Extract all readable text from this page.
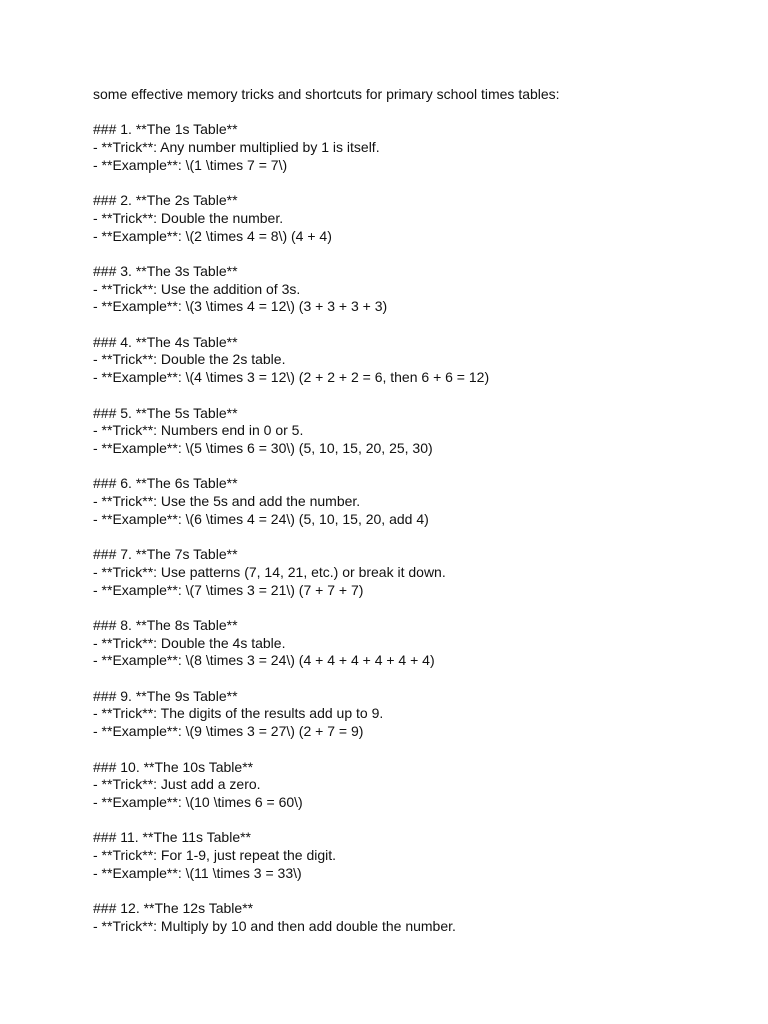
some effective memory tricks and shortcuts for primary school times tables:

### 1. **The 1s Table**

- **Trick**: Any number multiplied by 1 is itself.

- **Example**: \(1 \times 7 = 7\)

### 2. **The 2s Table**

- **Trick**: Double the number.

- **Example**: \(2 \times 4 = 8\) (4 + 4)

### 3. **The 3s Table**

- **Trick**: Use the addition of 3s.

- **Example**: \(3 \times 4 = 12\) (3 + 3 + 3 + 3)

### 4. **The 4s Table**

- **Trick**: Double the 2s table.

- **Example**: \(4 \times 3 = 12\) (2 + 2 + 2 = 6, then 6 + 6 = 12)

### 5. **The 5s Table**

- **Trick**: Numbers end in 0 or 5.

- **Example**: \(5 \times 6 = 30\) (5, 10, 15, 20, 25, 30)

### 6. **The 6s Table**

- **Trick**: Use the 5s and add the number.

- **Example**: \(6 \times 4 = 24\) (5, 10, 15, 20, add 4)

### 7. **The 7s Table**

- **Trick**: Use patterns (7, 14, 21, etc.) or break it down.

- **Example**: \(7 \times 3 = 21\) (7 + 7 + 7)

### 8. **The 8s Table**

- **Trick**: Double the 4s table.

- **Example**: \(8 \times 3 = 24\) (4 + 4 + 4 + 4 + 4 + 4)

### 9. **The 9s Table**

- **Trick**: The digits of the results add up to 9.

- **Example**: \(9 \times 3 = 27\) (2 + 7 = 9)

### 10. **The 10s Table**

- **Trick**: Just add a zero.

- **Example**: \(10 \times 6 = 60\)

### 11. **The 11s Table**

- **Trick**: For 1-9, just repeat the digit.

- **Example**: \(11 \times 3 = 33\)

### 12. **The 12s Table**

- **Trick**: Multiply by 10 and then add double the number.
